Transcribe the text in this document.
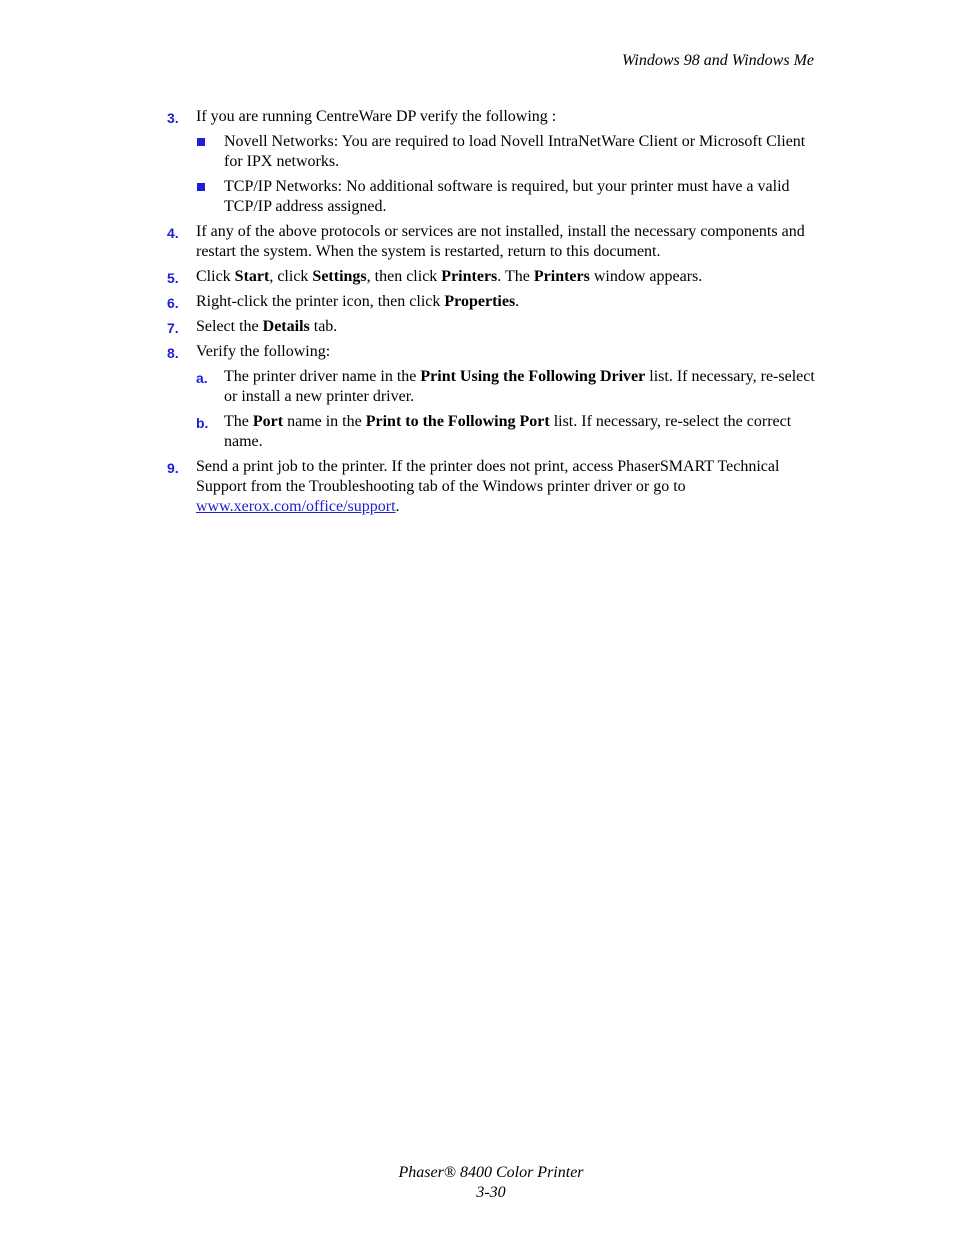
Windows 98 and Windows Me
3. If you are running CentreWare DP verify the following :
Novell Networks: You are required to load Novell IntraNetWare Client or Microsoft Client for IPX networks.
TCP/IP Networks: No additional software is required, but your printer must have a valid TCP/IP address assigned.
4. If any of the above protocols or services are not installed, install the necessary components and restart the system. When the system is restarted, return to this document.
5. Click Start, click Settings, then click Printers. The Printers window appears.
6. Right-click the printer icon, then click Properties.
7. Select the Details tab.
8. Verify the following:
a. The printer driver name in the Print Using the Following Driver list. If necessary, re-select or install a new printer driver.
b. The Port name in the Print to the Following Port list. If necessary, re-select the correct name.
9. Send a print job to the printer. If the printer does not print, access PhaserSMART Technical Support from the Troubleshooting tab of the Windows printer driver or go to www.xerox.com/office/support.
Phaser® 8400 Color Printer
3-30
